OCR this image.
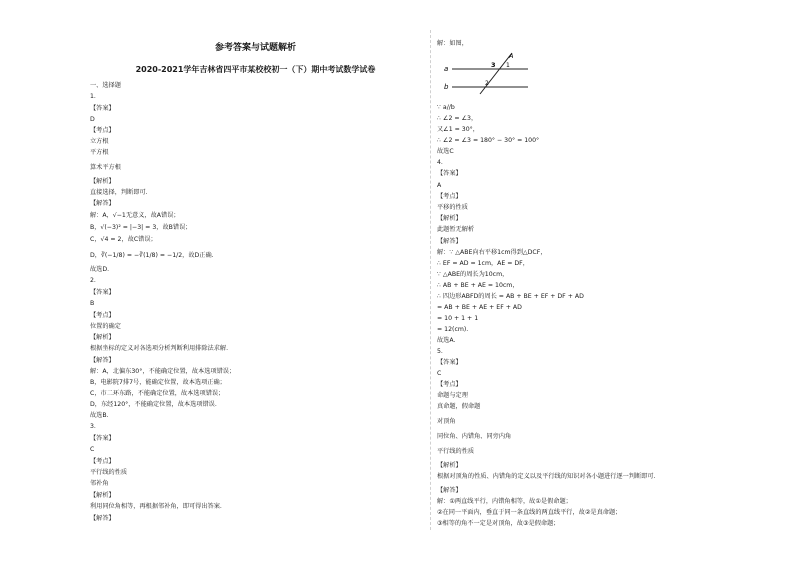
参考答案与试题解析
2020-2021学年吉林省四平市某校校初一（下）期中考试数学试卷
一、选择题
1.
【答案】
D
【考点】
立方根
平方根
算术平方根
【解析】
直接选择，判断即可.
【解答】
解：A，√−1无意义，故A错误；
B，√(−3)² = |−3| = 3，故B错误；
C，√4 = 2，故C错误；
D，∛(−1/8) = −∛(1/8) = −1/2，故D正确.
故选D.
2.
【答案】
B
【考点】
位置的确定
【解析】
根据坐标的定义对各选项分析判断利用排除法求解.
【解答】
解：A，北偏东30°，不能确定位置，故本选项错误；
B，电影院7排7号，能确定位置，故本选项正确；
C，市二环东路，不能确定位置，故本选项错误；
D，东经120°，不能确定位置，故本选项错误.
故选B.
3.
【答案】
C
【考点】
平行线的性质
邻补角
【解析】
利用同位角相等，再根据邻补角，即可得出答案.
【解答】
解：如图，
∵ a//b
∴ ∠2 = ∠3，
又∠1 = 30°，
∴ ∠2 = ∠3 = 180° − 30° = 100°
故选C
4.
【答案】
A
【考点】
平移的性质
【解析】
此题暂无解析
【解答】
解：∵ △ABE向右平移1cm得到△DCF，
∴ EF = AD = 1cm，AE = DF，
∵ △ABE的周长为10cm，
∴ AB + BE + AE = 10cm，
∴ 四边形ABFD的周长 = AB + BE + EF + DF + AD
= AB + BE + AE + EF + AD
= 10 + 1 + 1
= 12(cm).
故选A.
5.
【答案】
C
【考点】
命题与定理
真命题，假命题
对顶角
同位角、内错角、同旁内角
平行线的性质
【解析】
根据对顶角的性质、内错角的定义以及平行线的知识对各小题进行逐一判断即可.
【解答】
解：①两直线平行，内错角相等，故①是假命题；
②在同一平面内，垂直于同一条直线的两直线平行，故②是真命题；
③相等的角不一定是对顶角，故③是假命题；
a
b
A
1
2
3
